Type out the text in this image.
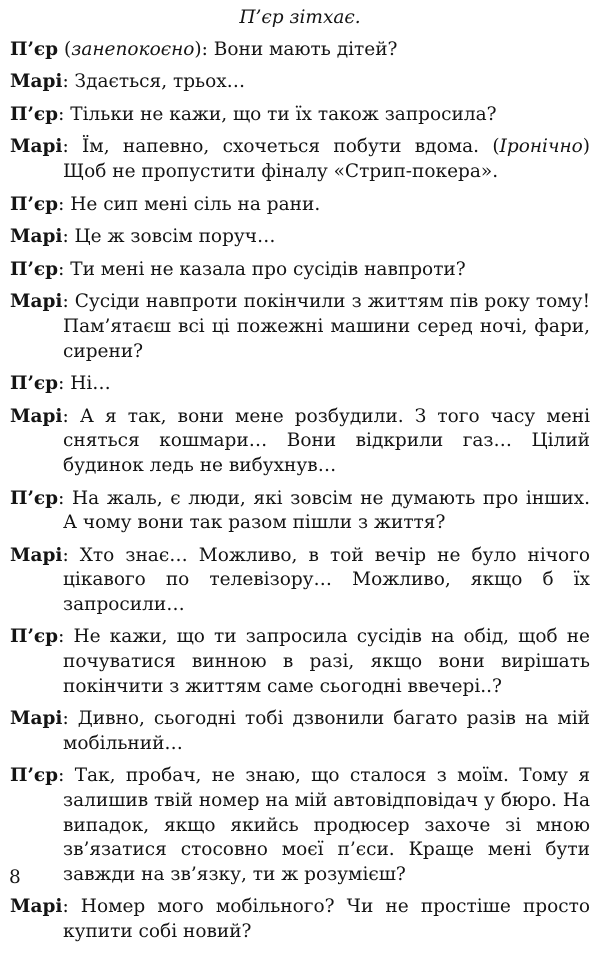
П’єр зітхає.

П’єр (занепокоєно): Вони мають дітей?

Марі: Здається, трьох…

П’єр: Тільки не кажи, що ти їх також запросила?

Марі: Їм, напевно, схочеться побути вдома. (Іронічно) Щоб не пропустити фіналу «Стрип-покера».

П’єр: Не сип мені сіль на рани.

Марі: Це ж зовсім поруч…

П’єр: Ти мені не казала про сусідів навпроти?

Марі: Сусіди навпроти покінчили з життям пів року тому! Пам’ятаєш всі ці пожежні машини серед ночі, фари, сирени?

П’єр: Ні…

Марі: А я так, вони мене розбудили. З того часу мені сняться кошмари… Вони відкрили газ… Цілий будинок ледь не вибухнув…

П’єр: На жаль, є люди, які зовсім не думають про інших. А чому вони так разом пішли з життя?

Марі: Хто знає… Можливо, в той вечір не було нічого цікавого по телевізору… Можливо, якщо б їх запросили…

П’єр: Не кажи, що ти запросила сусідів на обід, щоб не почуватися винною в разі, якщо вони вирішать покінчити з життям саме сьогодні ввечері..?

Марі: Дивно, сьогодні тобі дзвонили багато разів на мій мобільний…

П’єр: Так, пробач, не знаю, що сталося з моїм. Тому я залишив твій номер на мій автовідповідач у бюро. На випадок, якщо якийсь продюсер захоче зі мною зв’язатися стосовно моєї п’єси. Краще мені бути завжди на зв’язку, ти ж розумієш?

Марі: Номер мого мобільного? Чи не простіше просто купити собі новий?

8
